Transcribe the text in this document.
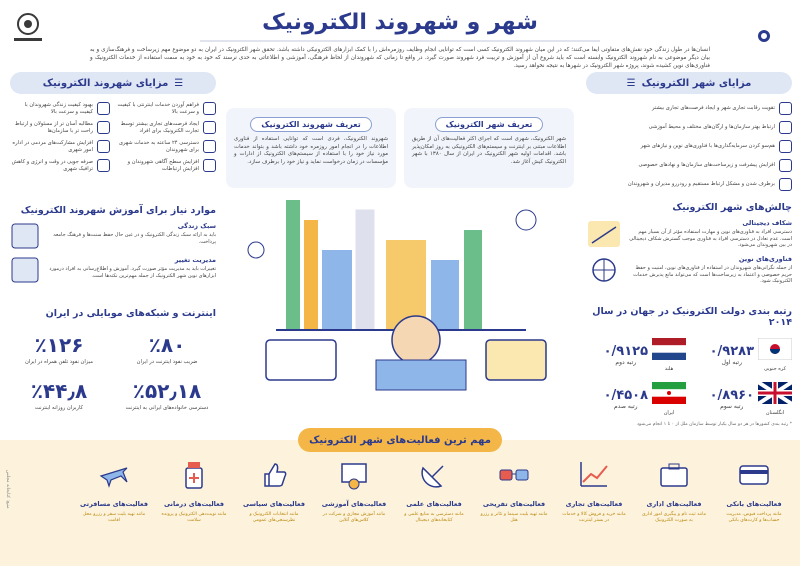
شهر و شهروند الکترونیک
انسان‌ها در طول زندگی خود نقش‌های متفاوتی ایفا می‌کنند؛ که در این میان شهروند الکترونیک کسی است که توانایی انجام وظایف روزمره‌اش را با کمک ابزارهای الکترونیکی داشته باشد. تحقق شهر الکترونیک در ایران به دو موضوع مهم زیرساخت و فرهنگ‌سازی و به بیان دیگر موضوعی به نام شهروند الکترونیک وابسته است که باید شروع آن از آموزش و تربیت فرد شهروند صورت گیرد. در واقع تا زمانی که شهروندان از لحاظ فرهنگی، آموزشی و اطلاعاتی به حدی نرسند که خود به خود به سمت استفاده از خدمات الکترونیک و فناوری‌های نوین کشیده شوند، پروژه شهر الکترونیک در شهرها به نتیجه نخواهد رسید.
مزایای شهر الکترونیک
☰
تقویت رقابت تجاری شهر و ایجاد فرصت‌های تجاری بیشتر
ارتباط بهتر سازمان‌ها و ارگان‌های مختلف و محیط آموزشی
هم‌سو کردن سرمایه‌گذاری‌ها با فناوری‌های نوین و نیازهای شهر
افزایش پیشرفت و زیرساخت‌های سازمان‌ها و نهادهای خصوصی
برطرف شدن و مشکل ارتباط مستقیم و رودررو مدیران و شهروندان
چالش‌های شهر الکترونیک
شکاف دیجیتالی
دسترسی افراد به فناوری‌های نوین و مهارت استفاده مؤثر از آن بسیار مهم است. عدم تعادل در دسترسی افراد به فناوری موجب گسترش شکاف دیجیتالی در بین شهروندان می‌شود.
فناوری‌های نوین
از جمله نگرانی‌های شهروندان در استفاده از فناوری‌های نوین، امنیت و حفظ حریم خصوصی و اعتماد به زیرساخت‌ها است که می‌تواند مانع پذیرش خدمات الکترونیک شود.
رتبه بندی دولت الکترونیک در جهان در سال ۲۰۱۴
کره جنوبی
۰/۹۲۸۳
رتبه اول
هلند
۰/۹۱۲۵
رتبه دوم
انگلستان
۰/۸۹۶۰
رتبه سوم
ایران
۰/۴۵۰۸
رتبه صدم
* رتبه بندی کشورها در هر دو سال یکبار توسط سازمان ملل از ۰ تا ۱ انجام می‌شود
تعریف شهر الکترونیک
شهر الکترونیک، شهری است که اجرای اکثر فعالیت‌های آن از طریق اطلاعات مبتنی بر اینترنت و سیستم‌های الکترونیکی به روز امکان‌پذیر باشد. اقدامات اولیه شهر الکترونیک در ایران از سال ۱۳۸۰ با شهر الکترونیک کیش آغاز شد.
تعریف شهروند الکترونیک
شهروند الکترونیک، فردی است که توانایی استفاده از فناوری اطلاعات را در انجام امور روزمره خود داشته باشد و بتواند خدمات مورد نیاز خود را با استفاده از سیستم‌های الکترونیک از ادارات و مؤسسات در زمان درخواست نماید و نیاز خود را برطرف سازد.
☰
مزایای شهروند الکترونیک
فراهم آوردن خدمات اینترنتی با کیفیت و سرعت بالا
بهبود کیفیت زندگی شهروندان با کیفیت و سرعت بالا
ایجاد فرصت‌های تجاری بیشتر توسط تجارت الکترونیک برای افراد
مطالبه آسان تر از مسئولان و ارتباط راحت تر با سازمان‌ها
دسترسی ۲۴ ساعته به خدمات شهری برای شهروندان
افزایش مشارکت‌های مردمی در اداره امور شهری
افزایش سطح آگاهی شهروندان و افزایش ارتباطات
صرفه جویی در وقت و انرژی و کاهش ترافیک شهری
موارد نیاز برای آموزش شهروند الکترونیک
سبک زندگی
باید به ارائه سبک زندگی الکترونیک و در عین حال حفظ سنت‌ها و فرهنگ جامعه پرداخت.
مدیریت تغییر
تغییرات باید به مدیریت مؤثر صورت گیرد. آموزش و اطلاع‌رسانی به افراد درمورد ابزارهای نوین شهر الکترونیک از جمله مهم‌ترین نکته‌ها است.
اینترنت و شبکه‌های موبایلی در ایران
٪۸۰
ضریب نفوذ اینترنت در ایران
٪۱۲۶
میزان نفوذ تلفن همراه در ایران
٪۵۲٫۱۸
دسترسی خانواده‌های ایرانی به اینترنت
٪۴۴٫۸
کاربران روزانه اینترنت
مهم ترین فعالیت‌های شهر الکترونیک
فعالیت‌های بانکی
مانند پرداخت قبوض، مدیریت حساب‌ها و کارت‌های بانکی
فعالیت‌های اداری
مانند ثبت نام و پیگیری امور اداری به صورت الکترونیک
فعالیت‌های تجاری
مانند خرید و فروش کالا و خدمات در بستر اینترنت
فعالیت‌های تفریحی
مانند تهیه بلیت سینما و تئاتر و رزرو هتل
فعالیت‌های علمی
مانند دسترسی به منابع علمی و کتابخانه‌های دیجیتال
فعالیت‌های آموزشی
مانند آموزش مجازی و شرکت در کلاس‌های آنلاین
فعالیت‌های سیاسی
مانند انتخابات الکترونیک و نظرسنجی‌های عمومی
فعالیت‌های درمانی
مانند نوبت‌دهی الکترونیک و پرونده سلامت
فعالیت‌های مسافرتی
مانند تهیه بلیت سفر و رزرو محل اقامت
منبع: کتابخانه مجلس
